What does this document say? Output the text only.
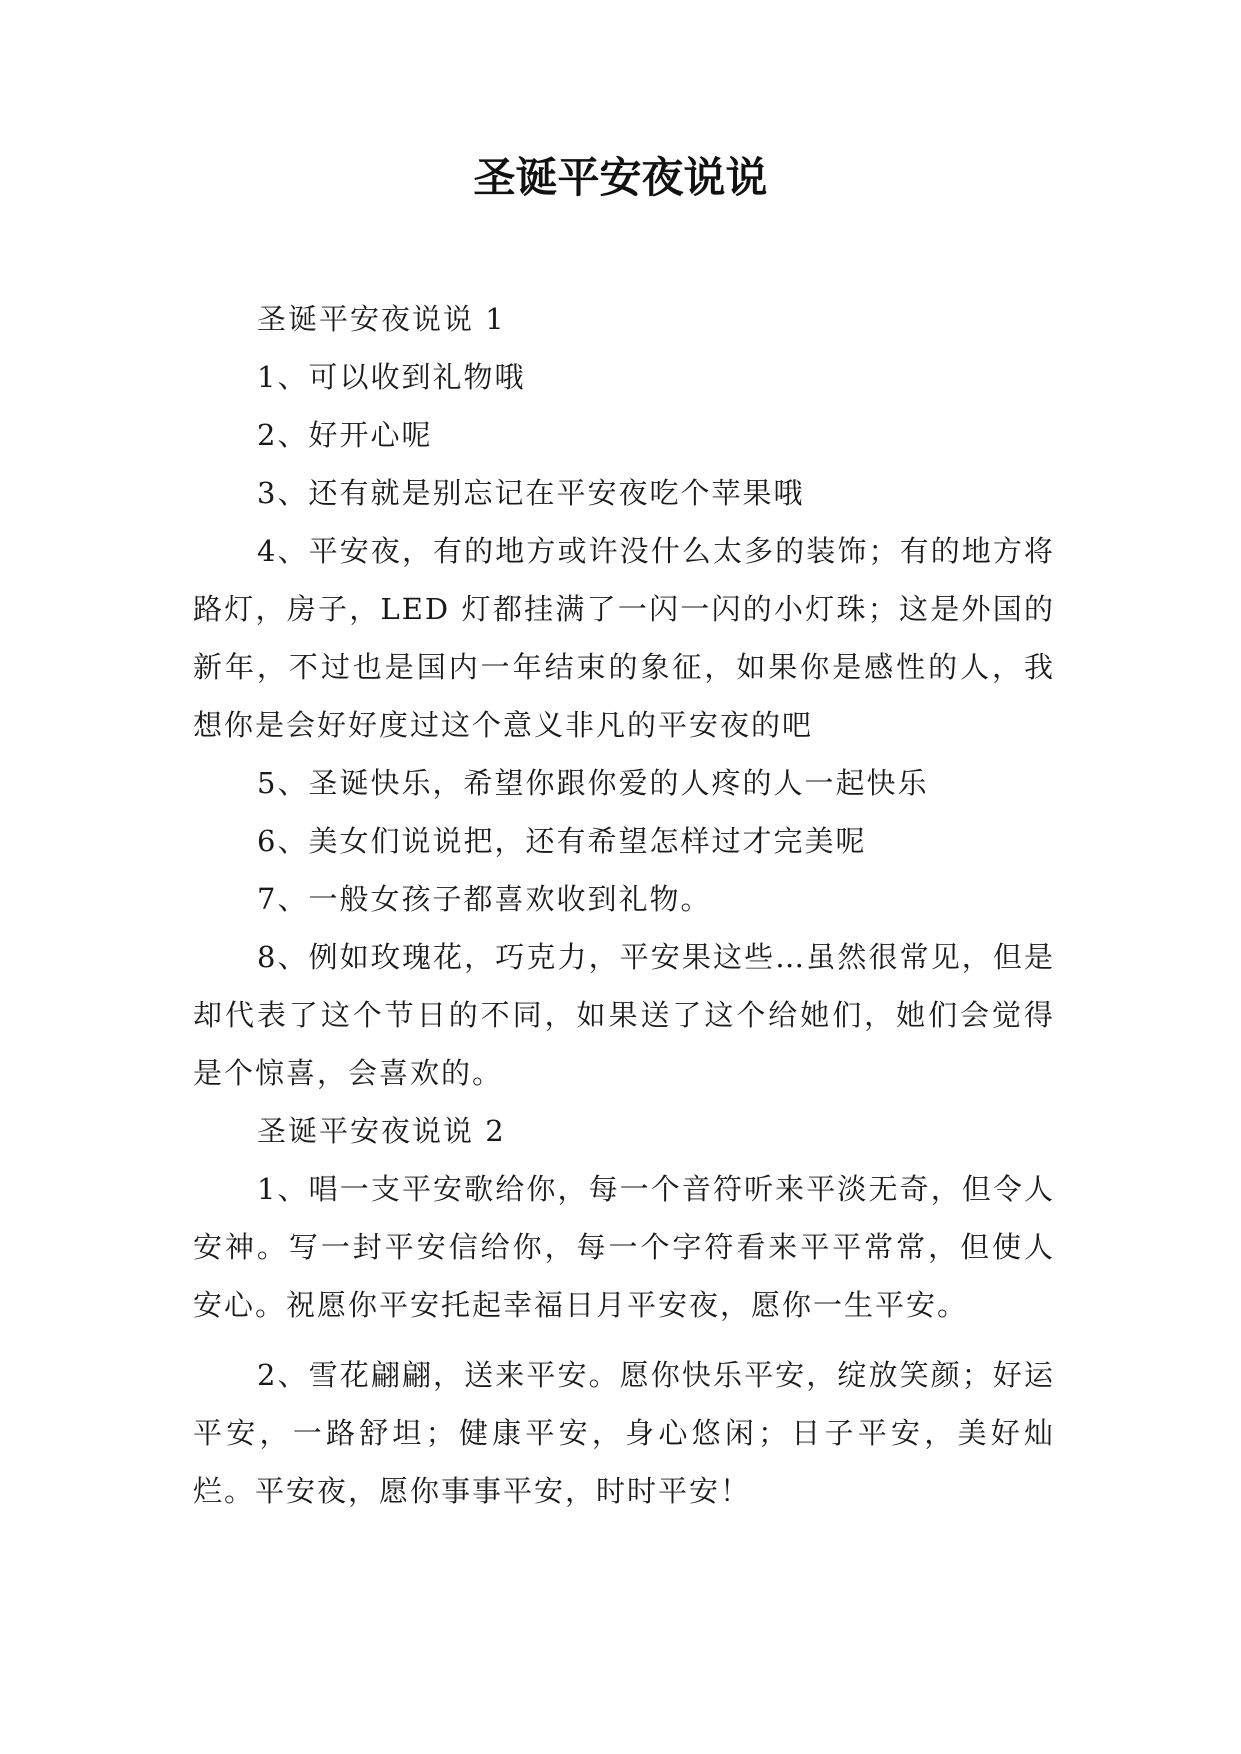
圣诞平安夜说说

圣诞平安夜说说 1

1、可以收到礼物哦

2、好开心呢

3、还有就是别忘记在平安夜吃个苹果哦

4、平安夜，有的地方或许没什么太多的装饰；有的地方将路灯，房子，LED 灯都挂满了一闪一闪的小灯珠；这是外国的新年，不过也是国内一年结束的象征，如果你是感性的人，我想你是会好好度过这个意义非凡的平安夜的吧

5、圣诞快乐，希望你跟你爱的人疼的人一起快乐

6、美女们说说把，还有希望怎样过才完美呢

7、一般女孩子都喜欢收到礼物。

8、例如玫瑰花，巧克力，平安果这些…虽然很常见，但是却代表了这个节日的不同，如果送了这个给她们，她们会觉得是个惊喜，会喜欢的。

圣诞平安夜说说 2

1、唱一支平安歌给你，每一个音符听来平淡无奇，但令人安神。写一封平安信给你，每一个字符看来平平常常，但使人安心。祝愿你平安托起幸福日月平安夜，愿你一生平安。

2、雪花翩翩，送来平安。愿你快乐平安，绽放笑颜；好运平安，一路舒坦；健康平安，身心悠闲；日子平安，美好灿烂。平安夜，愿你事事平安，时时平安！
